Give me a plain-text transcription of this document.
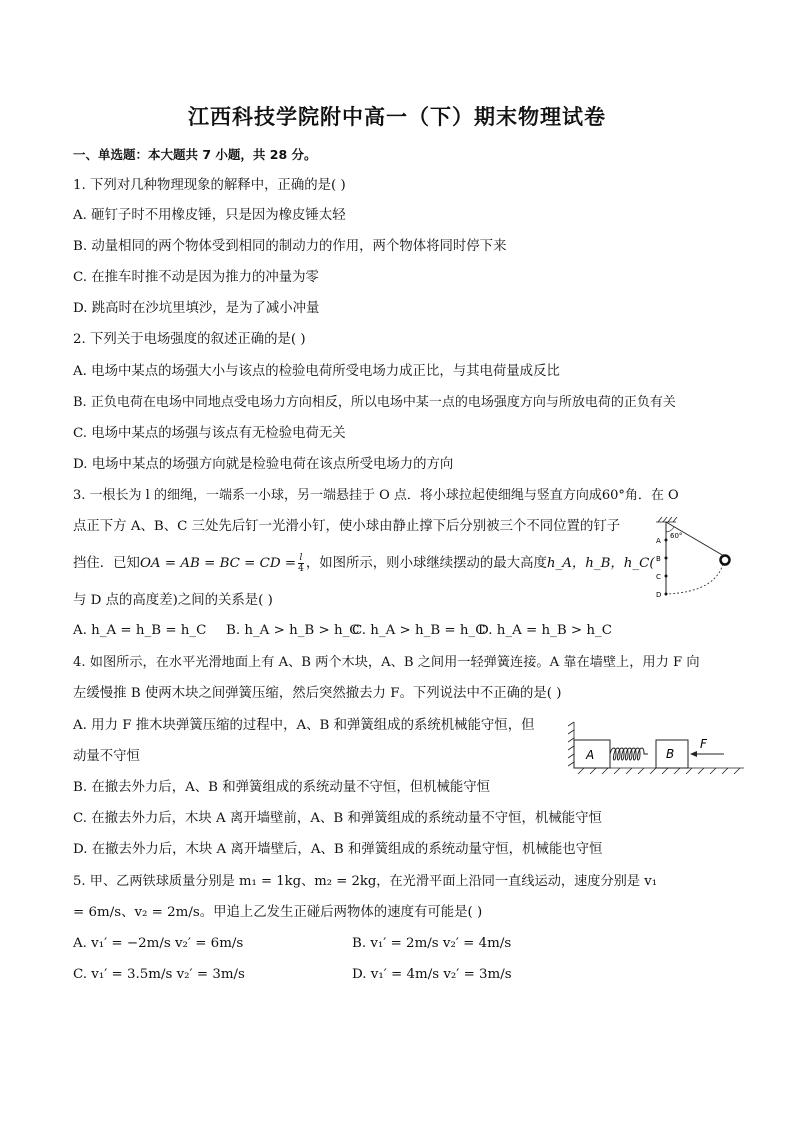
江西科技学院附中高一（下）期末物理试卷
一、单选题：本大题共 7 小题，共 28 分。
1. 下列对几种物理现象的解释中，正确的是( )
A. 砸钉子时不用橡皮锤，只是因为橡皮锤太轻
B. 动量相同的两个物体受到相同的制动力的作用，两个物体将同时停下来
C. 在推车时推不动是因为推力的冲量为零
D. 跳高时在沙坑里填沙，是为了减小冲量
2. 下列关于电场强度的叙述正确的是( )
A. 电场中某点的场强大小与该点的检验电荷所受电场力成正比，与其电荷量成反比
B. 正负电荷在电场中同地点受电场力方向相反，所以电场中某一点的电场强度方向与所放电荷的正负有关
C. 电场中某点的场强与该点有无检验电荷无关
D. 电场中某点的场强方向就是检验电荷在该点所受电场力的方向
3. 一根长为 l 的细绳，一端系一小球，另一端悬挂于 O 点．将小球拉起使细绳与竖直方向成60°角．在 O
点正下方 A、B、C 三处先后钉一光滑小钉，使小球由静止撑下后分别被三个不同位置的钉子
挡住．已知OA = AB = BC = CD = $\frac{l}{4}$ ，如图所示，则小球继续摆动的最大高度h_A，h_B，h_C(
与 D 点的高度差)之间的关系是( )
A. h_A = h_B = h_C B. h_A > h_B > h_C
C. h_A > h_B = h_C
D. h_A = h_B > h_C
60°
A
B
C
D
4. 如图所示，在水平光滑地面上有 A、B 两个木块，A、B 之间用一轻弹簧连接。A 靠在墙壁上，用力 F 向
左缓慢推 B 使两木块之间弹簧压缩，然后突然撤去力 F。下列说法中不正确的是( )
A. 用力 F 推木块弹簧压缩的过程中，A、B 和弹簧组成的系统机械能守恒，但
动量不守恒
B. 在撤去外力后，A、B 和弹簧组成的系统动量不守恒，但机械能守恒
C. 在撤去外力后，木块 A 离开墙壁前，A、B 和弹簧组成的系统动量不守恒，机械能守恒
D. 在撤去外力后，木块 A 离开墙壁后，A、B 和弹簧组成的系统动量守恒，机械能也守恒
A	B
F
5. 甲、乙两铁球质量分别是 m₁ = 1kg、m₂ = 2kg，在光滑平面上沿同一直线运动，速度分别是 v₁
= 6m/s、v₂ = 2m/s。甲追上乙发生正碰后两物体的速度有可能是( )
A. v₁′ = −2m/s v₂′ = 6m/s	B. v₁′ = 2m/s v₂′ = 4m/s
C. v₁′ = 3.5m/s v₂′ = 3m/s	D. v₁′ = 4m/s v₂′ = 3m/s
